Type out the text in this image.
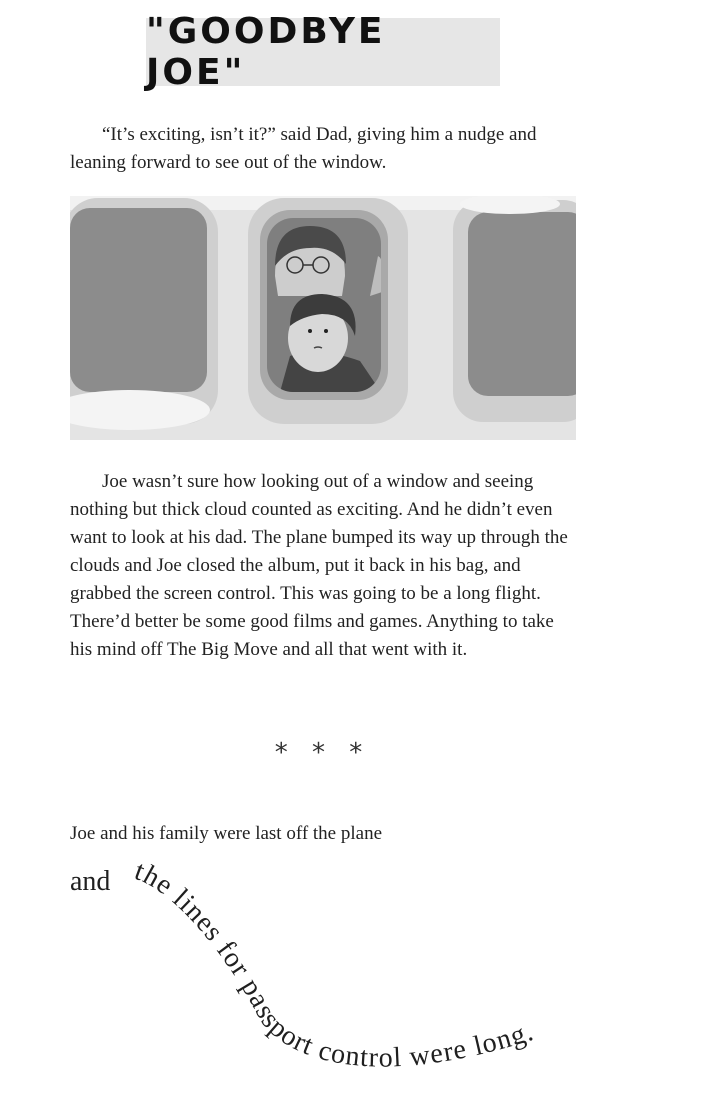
"GOODBYE JOE"

“It’s exciting, isn’t it?” said Dad, giving him a nudge and leaning forward to see out of the window.

Joe wasn’t sure how looking out of a window and seeing nothing but thick cloud counted as exciting. And he didn’t even want to look at his dad. The plane bumped its way up through the clouds and Joe closed the album, put it back in his bag, and grabbed the screen control. This was going to be a long flight. There’d better be some good films and games. Anything to take his mind off The Big Move and all that went with it.

* * *

Joe and his family were last off the plane

and the lines for passport control were long.
